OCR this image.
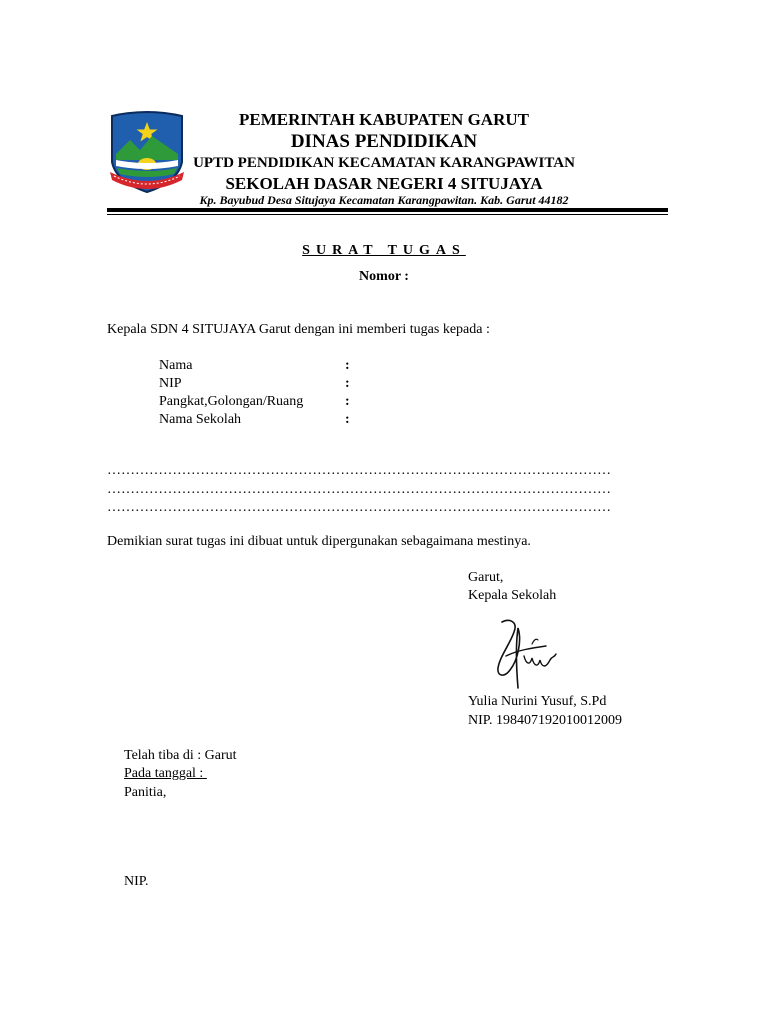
PEMERINTAH KABUPATEN GARUT
DINAS PENDIDIKAN
UPTD PENDIDIKAN KECAMATAN KARANGPAWITAN
SEKOLAH DASAR NEGERI 4 SITUJAYA
Kp. Bayubud Desa Situjaya Kecamatan Karangpawitan. Kab. Garut 44182
SURAT TUGAS
Nomor :
Kepala SDN 4 SITUJAYA Garut dengan ini memberi tugas kepada :
Nama	:
NIP	:
Pangkat,Golongan/Ruang	:
Nama Sekolah	:
………………………………………………………………………………………………
………………………………………………………………………………………………
………………………………………………………………………………………………
Demikian surat tugas ini dibuat untuk dipergunakan sebagaimana mestinya.
Garut,
Kepala Sekolah
Yulia Nurini Yusuf, S.Pd
NIP. 198407192010012009
Telah tiba di : Garut
Pada tanggal :
Panitia,
NIP.
